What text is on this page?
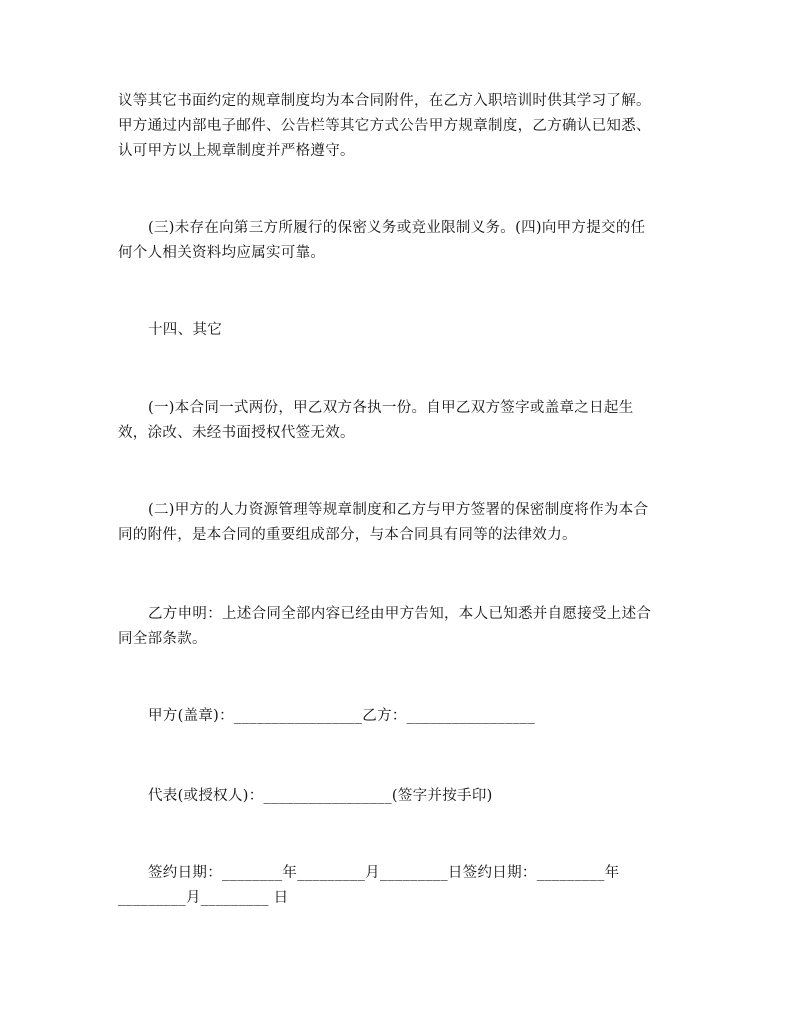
议等其它书面约定的规章制度均为本合同附件，在乙方入职培训时供其学习了解。
甲方通过内部电子邮件、公告栏等其它方式公告甲方规章制度，乙方确认已知悉、
认可甲方以上规章制度并严格遵守。
(三)未存在向第三方所履行的保密义务或竞业限制义务。(四)向甲方提交的任
何个人相关资料均应属实可靠。
十四、其它
(一)本合同一式两份，甲乙双方各执一份。自甲乙双方签字或盖章之日起生
效，涂改、未经书面授权代签无效。
(二)甲方的人力资源管理等规章制度和乙方与甲方签署的保密制度将作为本合
同的附件，是本合同的重要组成部分，与本合同具有同等的法律效力。
乙方申明：上述合同全部内容已经由甲方告知，本人已知悉并自愿接受上述合
同全部条款。
甲方(盖章)：_________________乙方：_________________
代表(或授权人)：_________________(签字并按手印)
签约日期：________年_________月_________日签约日期：_________年
_________月_________ 日
